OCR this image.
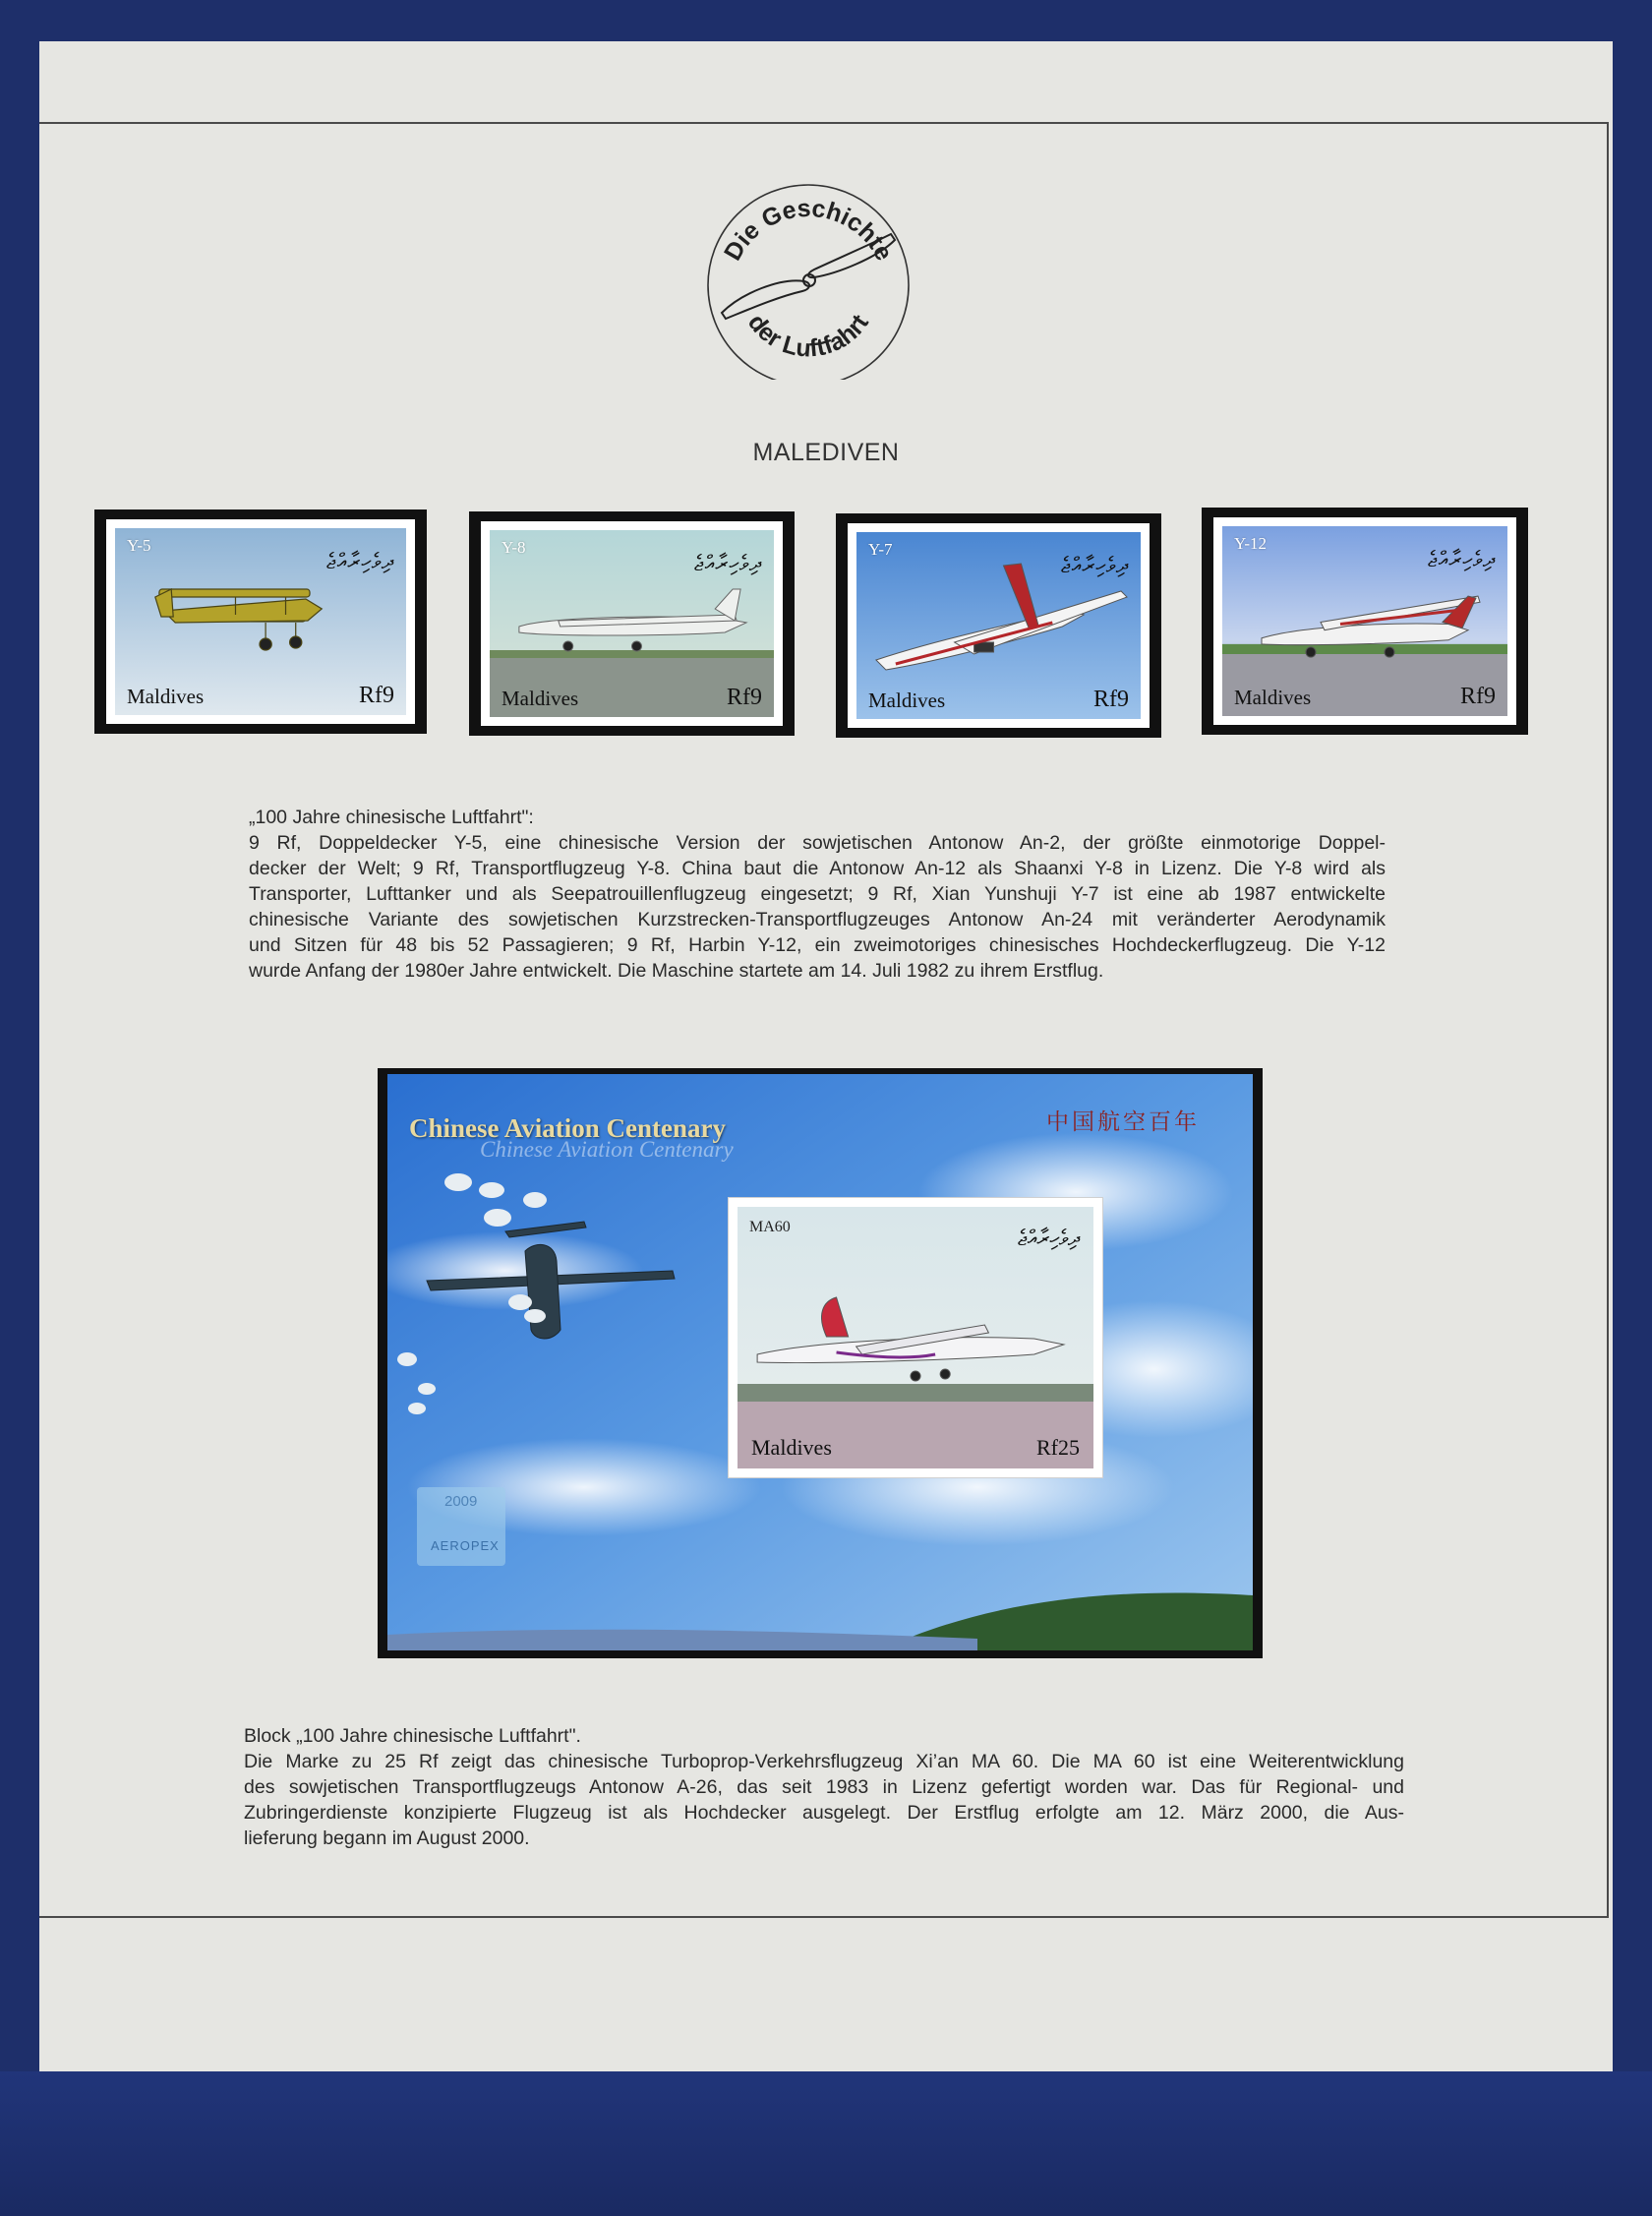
Die Geschichte
der Luftfahrt
MALEDIVEN
Y-5
ދިވެހިރާއްޖެ
Maldives	Rf9
Y-8
ދިވެހިރާއްޖެ
Maldives	Rf9
Y-7
ދިވެހިރާއްޖެ
Maldives	Rf9
Y-12
ދިވެހިރާއްޖެ
Maldives	Rf9

„100 Jahre chinesische Luftfahrt":

9 Rf, Doppeldecker Y-5, eine chinesische Version der sowjetischen Antonow An-2, der größte einmotorige Doppel-

decker der Welt; 9 Rf, Transportflugzeug Y-8. China baut die Antonow An-12 als Shaanxi Y-8 in Lizenz. Die Y-8 wird als

Transporter, Lufttanker und als Seepatrouillenflugzeug eingesetzt; 9 Rf, Xian Yunshuji Y-7 ist eine ab 1987 entwickelte

chinesische Variante des sowjetischen Kurzstrecken-Transportflugzeuges Antonow An-24 mit veränderter Aerodynamik

und Sitzen für 48 bis 52 Passagieren; 9 Rf, Harbin Y-12, ein zweimotoriges chinesisches Hochdeckerflugzeug. Die Y-12

wurde Anfang der 1980er Jahre entwickelt. Die Maschine startete am 14. Juli 1982 zu ihrem Erstflug.

Chinese Aviation Centenary
Chinese Aviation Centenary	中国航空百年
2009
AEROPEX
MA60	ދިވެހިރާއްޖެ
Maldives	Rf25

Block „100 Jahre chinesische Luftfahrt".

Die Marke zu 25 Rf zeigt das chinesische Turboprop-Verkehrsflugzeug Xi’an MA 60. Die MA 60 ist eine Weiterentwicklung

des sowjetischen Transportflugzeugs Antonow A-26, das seit 1983 in Lizenz gefertigt worden war. Das für Regional- und

Zubringerdienste konzipierte Flugzeug ist als Hochdecker ausgelegt. Der Erstflug erfolgte am 12. März 2000, die Aus-

lieferung begann im August 2000.
